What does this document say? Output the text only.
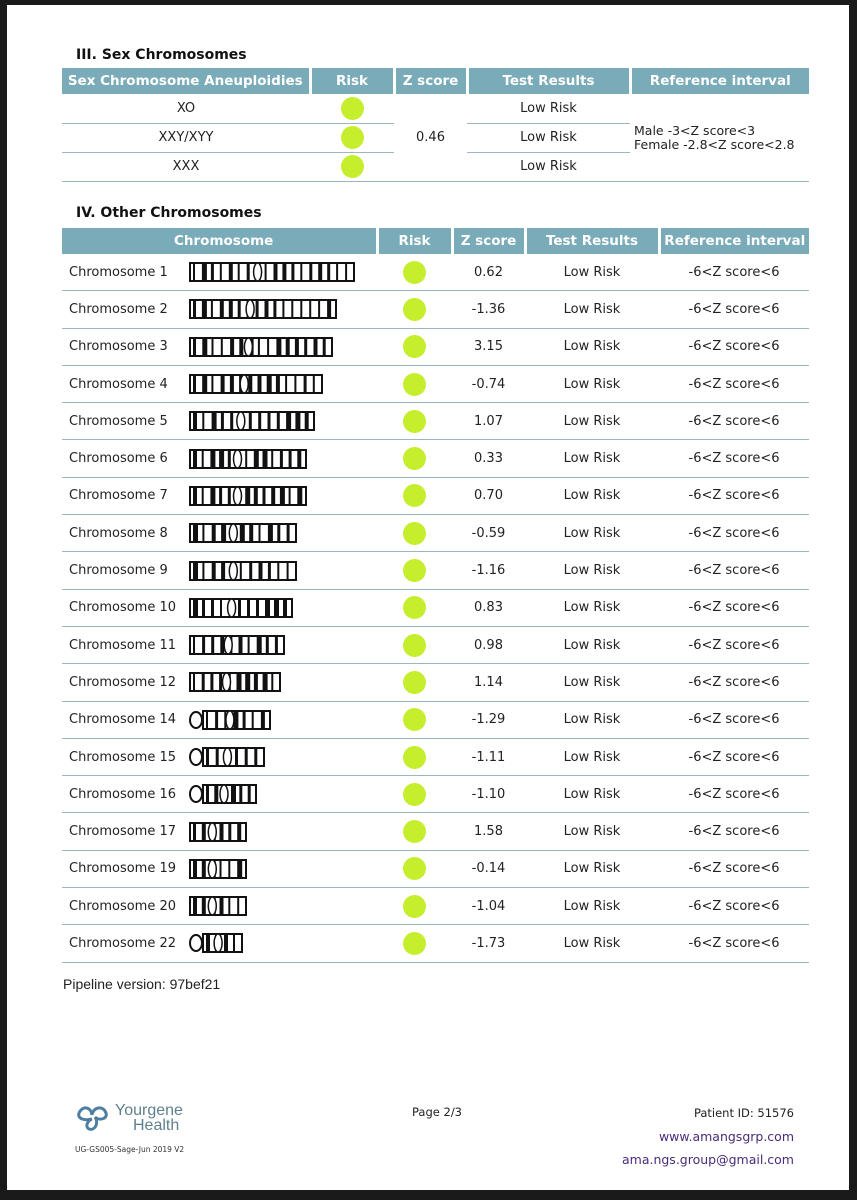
III. Sex Chromosomes
Sex Chromosome Aneuploidies	Risk	Z score	Test Results	Reference interval
XO		0.46	Low Risk	Male -3<Z score<3
Female -2.8<Z score<2.8

XXY/XYY			Low Risk	
XXX			Low Risk	
IV. Other Chromosomes
Chromosome	Risk	Z score	Test Results	Reference interval
Chromosome 1		0.62	Low Risk	-6<Z score<6
Chromosome 2		-1.36	Low Risk	-6<Z score<6
Chromosome 3		3.15	Low Risk	-6<Z score<6
Chromosome 4		-0.74	Low Risk	-6<Z score<6
Chromosome 5		1.07	Low Risk	-6<Z score<6
Chromosome 6		0.33	Low Risk	-6<Z score<6
Chromosome 7		0.70	Low Risk	-6<Z score<6
Chromosome 8		-0.59	Low Risk	-6<Z score<6
Chromosome 9		-1.16	Low Risk	-6<Z score<6
Chromosome 10		0.83	Low Risk	-6<Z score<6
Chromosome 11		0.98	Low Risk	-6<Z score<6
Chromosome 12		1.14	Low Risk	-6<Z score<6
Chromosome 14		-1.29	Low Risk	-6<Z score<6
Chromosome 15		-1.11	Low Risk	-6<Z score<6
Chromosome 16		-1.10	Low Risk	-6<Z score<6
Chromosome 17		1.58	Low Risk	-6<Z score<6
Chromosome 19		-0.14	Low Risk	-6<Z score<6
Chromosome 20		-1.04	Low Risk	-6<Z score<6
Chromosome 22		-1.73	Low Risk	-6<Z score<6
Pipeline version: 97bef21
Yourgene
Health
UG-GS005-Sage-Jun 2019 V2
Page 2/3	Patient ID: 51576
www.amangsgrp.com
ama.ngs.group@gmail.com
